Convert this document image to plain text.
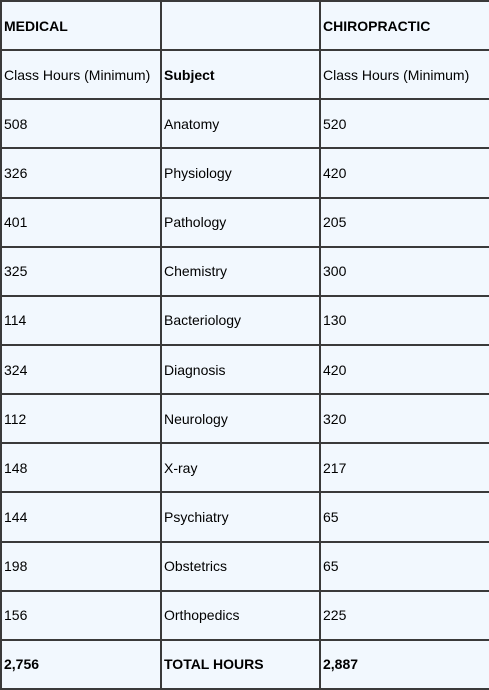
MEDICAL		CHIROPRACTIC
Class Hours (Minimum)	Subject	Class Hours (Minimum)
508	Anatomy	520
326	Physiology	420
401	Pathology	205
325	Chemistry	300
114	Bacteriology	130
324	Diagnosis	420
112	Neurology	320
148	X-ray	217
144	Psychiatry	65
198	Obstetrics	65
156	Orthopedics	225
2,756	TOTAL HOURS	2,887
